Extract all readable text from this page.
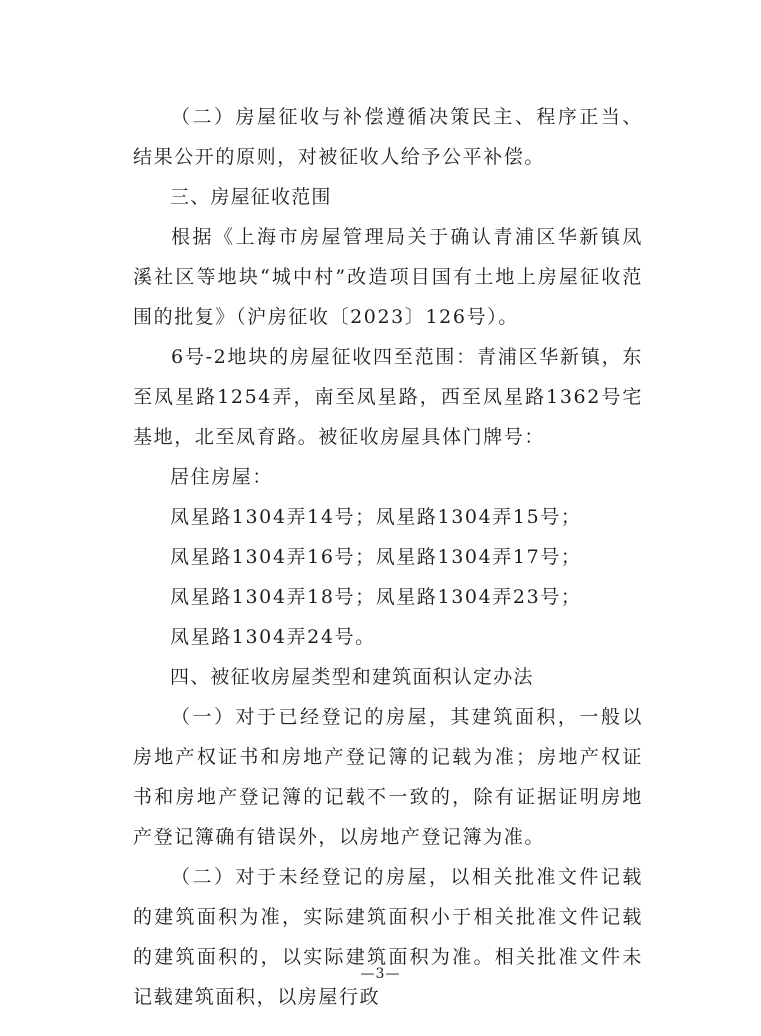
（二）房屋征收与补偿遵循决策民主、程序正当、结果公开的原则，对被征收人给予公平补偿。

三、房屋征收范围

根据《上海市房屋管理局关于确认青浦区华新镇凤溪社区等地块“城中村”改造项目国有土地上房屋征收范围的批复》（沪房征收〔2023〕126号）。

6号-2地块的房屋征收四至范围：青浦区华新镇，东至凤星路1254弄，南至凤星路，西至凤星路1362号宅基地，北至凤育路。被征收房屋具体门牌号：

居住房屋：

凤星路1304弄14号；凤星路1304弄15号；

凤星路1304弄16号；凤星路1304弄17号；

凤星路1304弄18号；凤星路1304弄23号；

凤星路1304弄24号。

四、被征收房屋类型和建筑面积认定办法

（一）对于已经登记的房屋，其建筑面积，一般以房地产权证书和房地产登记簿的记载为准；房地产权证书和房地产登记簿的记载不一致的，除有证据证明房地产登记簿确有错误外，以房地产登记簿为准。

（二）对于未经登记的房屋，以相关批准文件记载的建筑面积为准，实际建筑面积小于相关批准文件记载的建筑面积的，以实际建筑面积为准。相关批准文件未记载建筑面积，以房屋行政

—3—
